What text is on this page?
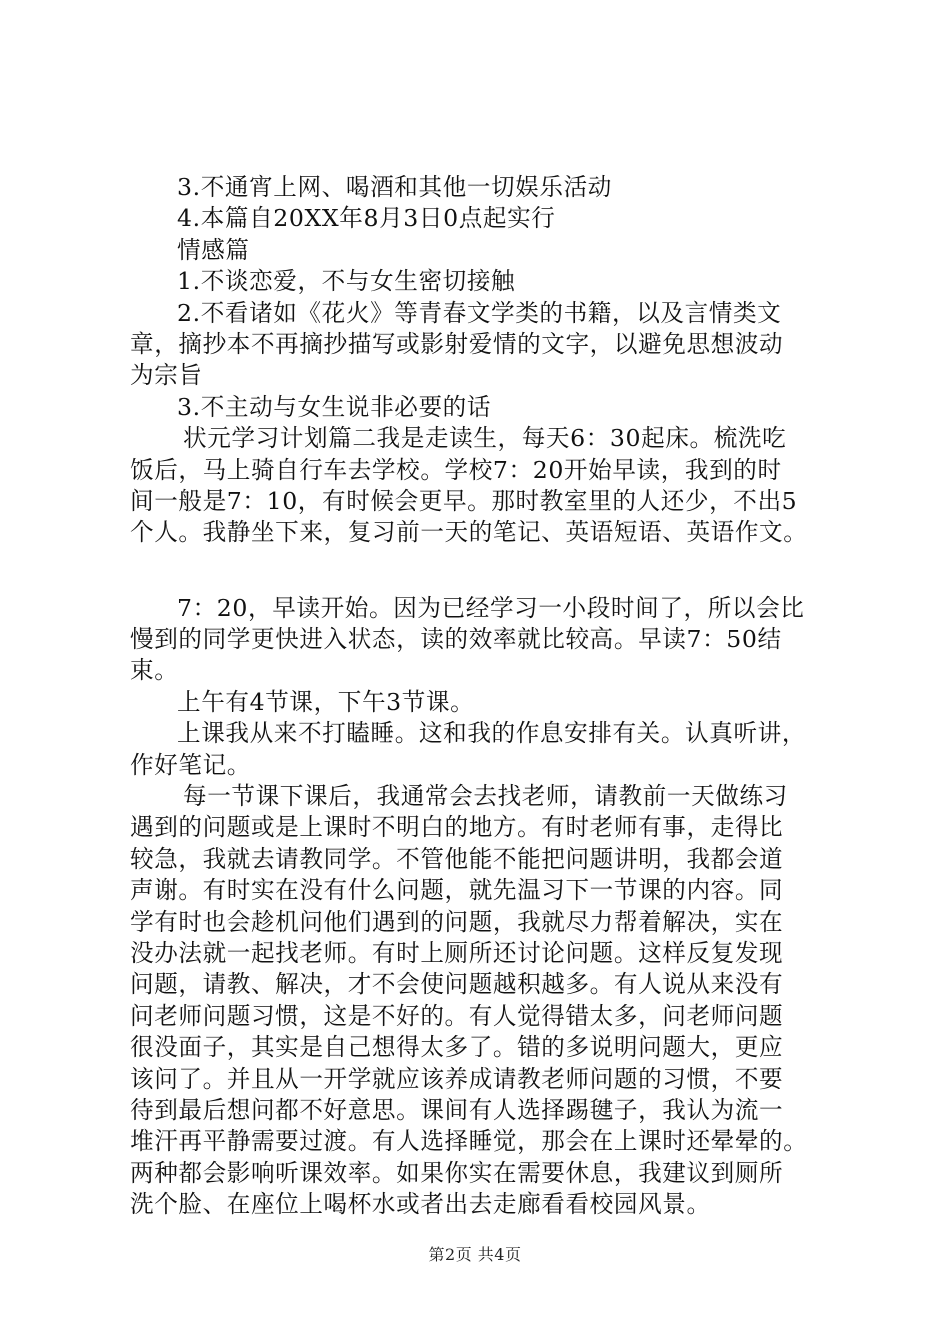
3.不通宵上网、喝酒和其他一切娱乐活动
4.本篇自20XX年8月3日0点起实行
情感篇
1.不谈恋爱，不与女生密切接触
2.不看诸如《花火》等青春文学类的书籍，以及言情类文
章，摘抄本不再摘抄描写或影射爱情的文字，以避免思想波动
为宗旨
3.不主动与女生说非必要的话
状元学习计划篇二我是走读生，每天6：30起床。梳洗吃
饭后，马上骑自行车去学校。学校7：20开始早读，我到的时
间一般是7：10，有时候会更早。那时教室里的人还少，不出5
个人。我静坐下来，复习前一天的笔记、英语短语、英语作文。
7：20，早读开始。因为已经学习一小段时间了，所以会比
慢到的同学更快进入状态，读的效率就比较高。早读7：50结
束。
上午有4节课，下午3节课。
上课我从来不打瞌睡。这和我的作息安排有关。认真听讲，
作好笔记。
每一节课下课后，我通常会去找老师，请教前一天做练习
遇到的问题或是上课时不明白的地方。有时老师有事，走得比
较急，我就去请教同学。不管他能不能把问题讲明，我都会道
声谢。有时实在没有什么问题，就先温习下一节课的内容。同
学有时也会趁机问他们遇到的问题，我就尽力帮着解决，实在
没办法就一起找老师。有时上厕所还讨论问题。这样反复发现
问题，请教、解决，才不会使问题越积越多。有人说从来没有
问老师问题习惯，这是不好的。有人觉得错太多，问老师问题
很没面子，其实是自己想得太多了。错的多说明问题大，更应
该问了。并且从一开学就应该养成请教老师问题的习惯，不要
待到最后想问都不好意思。课间有人选择踢毽子，我认为流一
堆汗再平静需要过渡。有人选择睡觉，那会在上课时还晕晕的。
两种都会影响听课效率。如果你实在需要休息，我建议到厕所
洗个脸、在座位上喝杯水或者出去走廊看看校园风景。
第2页 共4页
